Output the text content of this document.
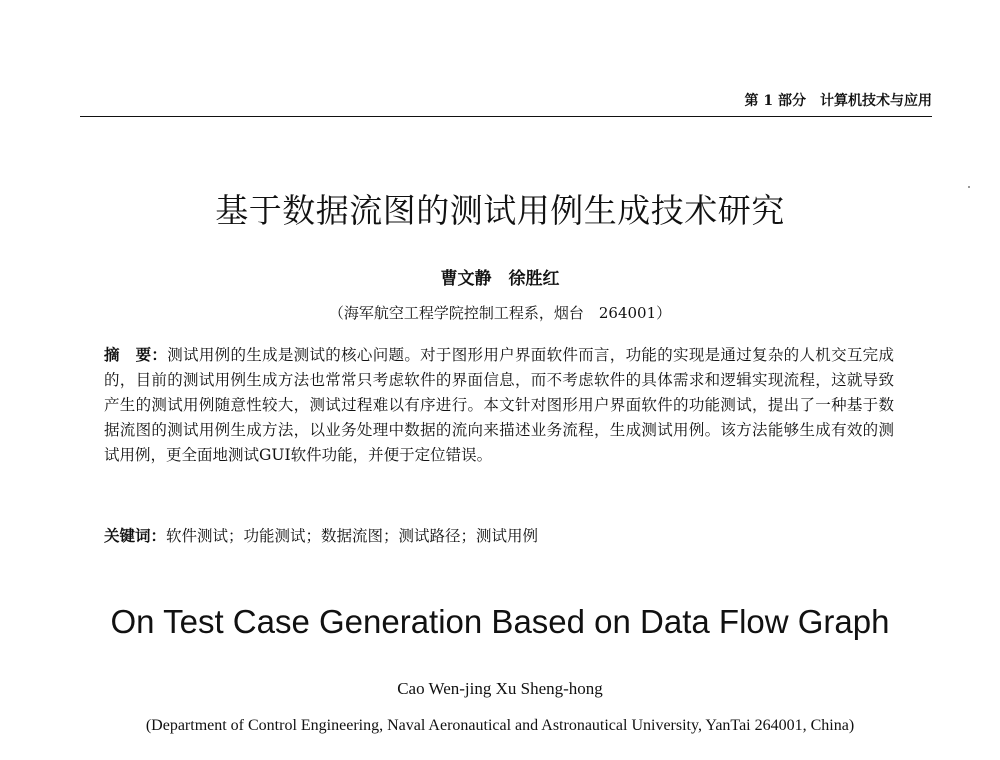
第 1 部分　计算机技术与应用
基于数据流图的测试用例生成技术研究
曹文静　徐胜红
（海军航空工程学院控制工程系，烟台　264001）
摘　要：测试用例的生成是测试的核心问题。对于图形用户界面软件而言，功能的实现是通过复杂的人机交互完成的，目前的测试用例生成方法也常常只考虑软件的界面信息，而不考虑软件的具体需求和逻辑实现流程，这就导致产生的测试用例随意性较大，测试过程难以有序进行。本文针对图形用户界面软件的功能测试，提出了一种基于数据流图的测试用例生成方法，以业务处理中数据的流向来描述业务流程，生成测试用例。该方法能够生成有效的测试用例，更全面地测试GUI软件功能，并便于定位错误。
关键词：软件测试；功能测试；数据流图；测试路径；测试用例
On Test Case Generation Based on Data Flow Graph
Cao Wen-jing Xu Sheng-hong
(Department of Control Engineering, Naval Aeronautical and Astronautical University, YanTai 264001, China)
